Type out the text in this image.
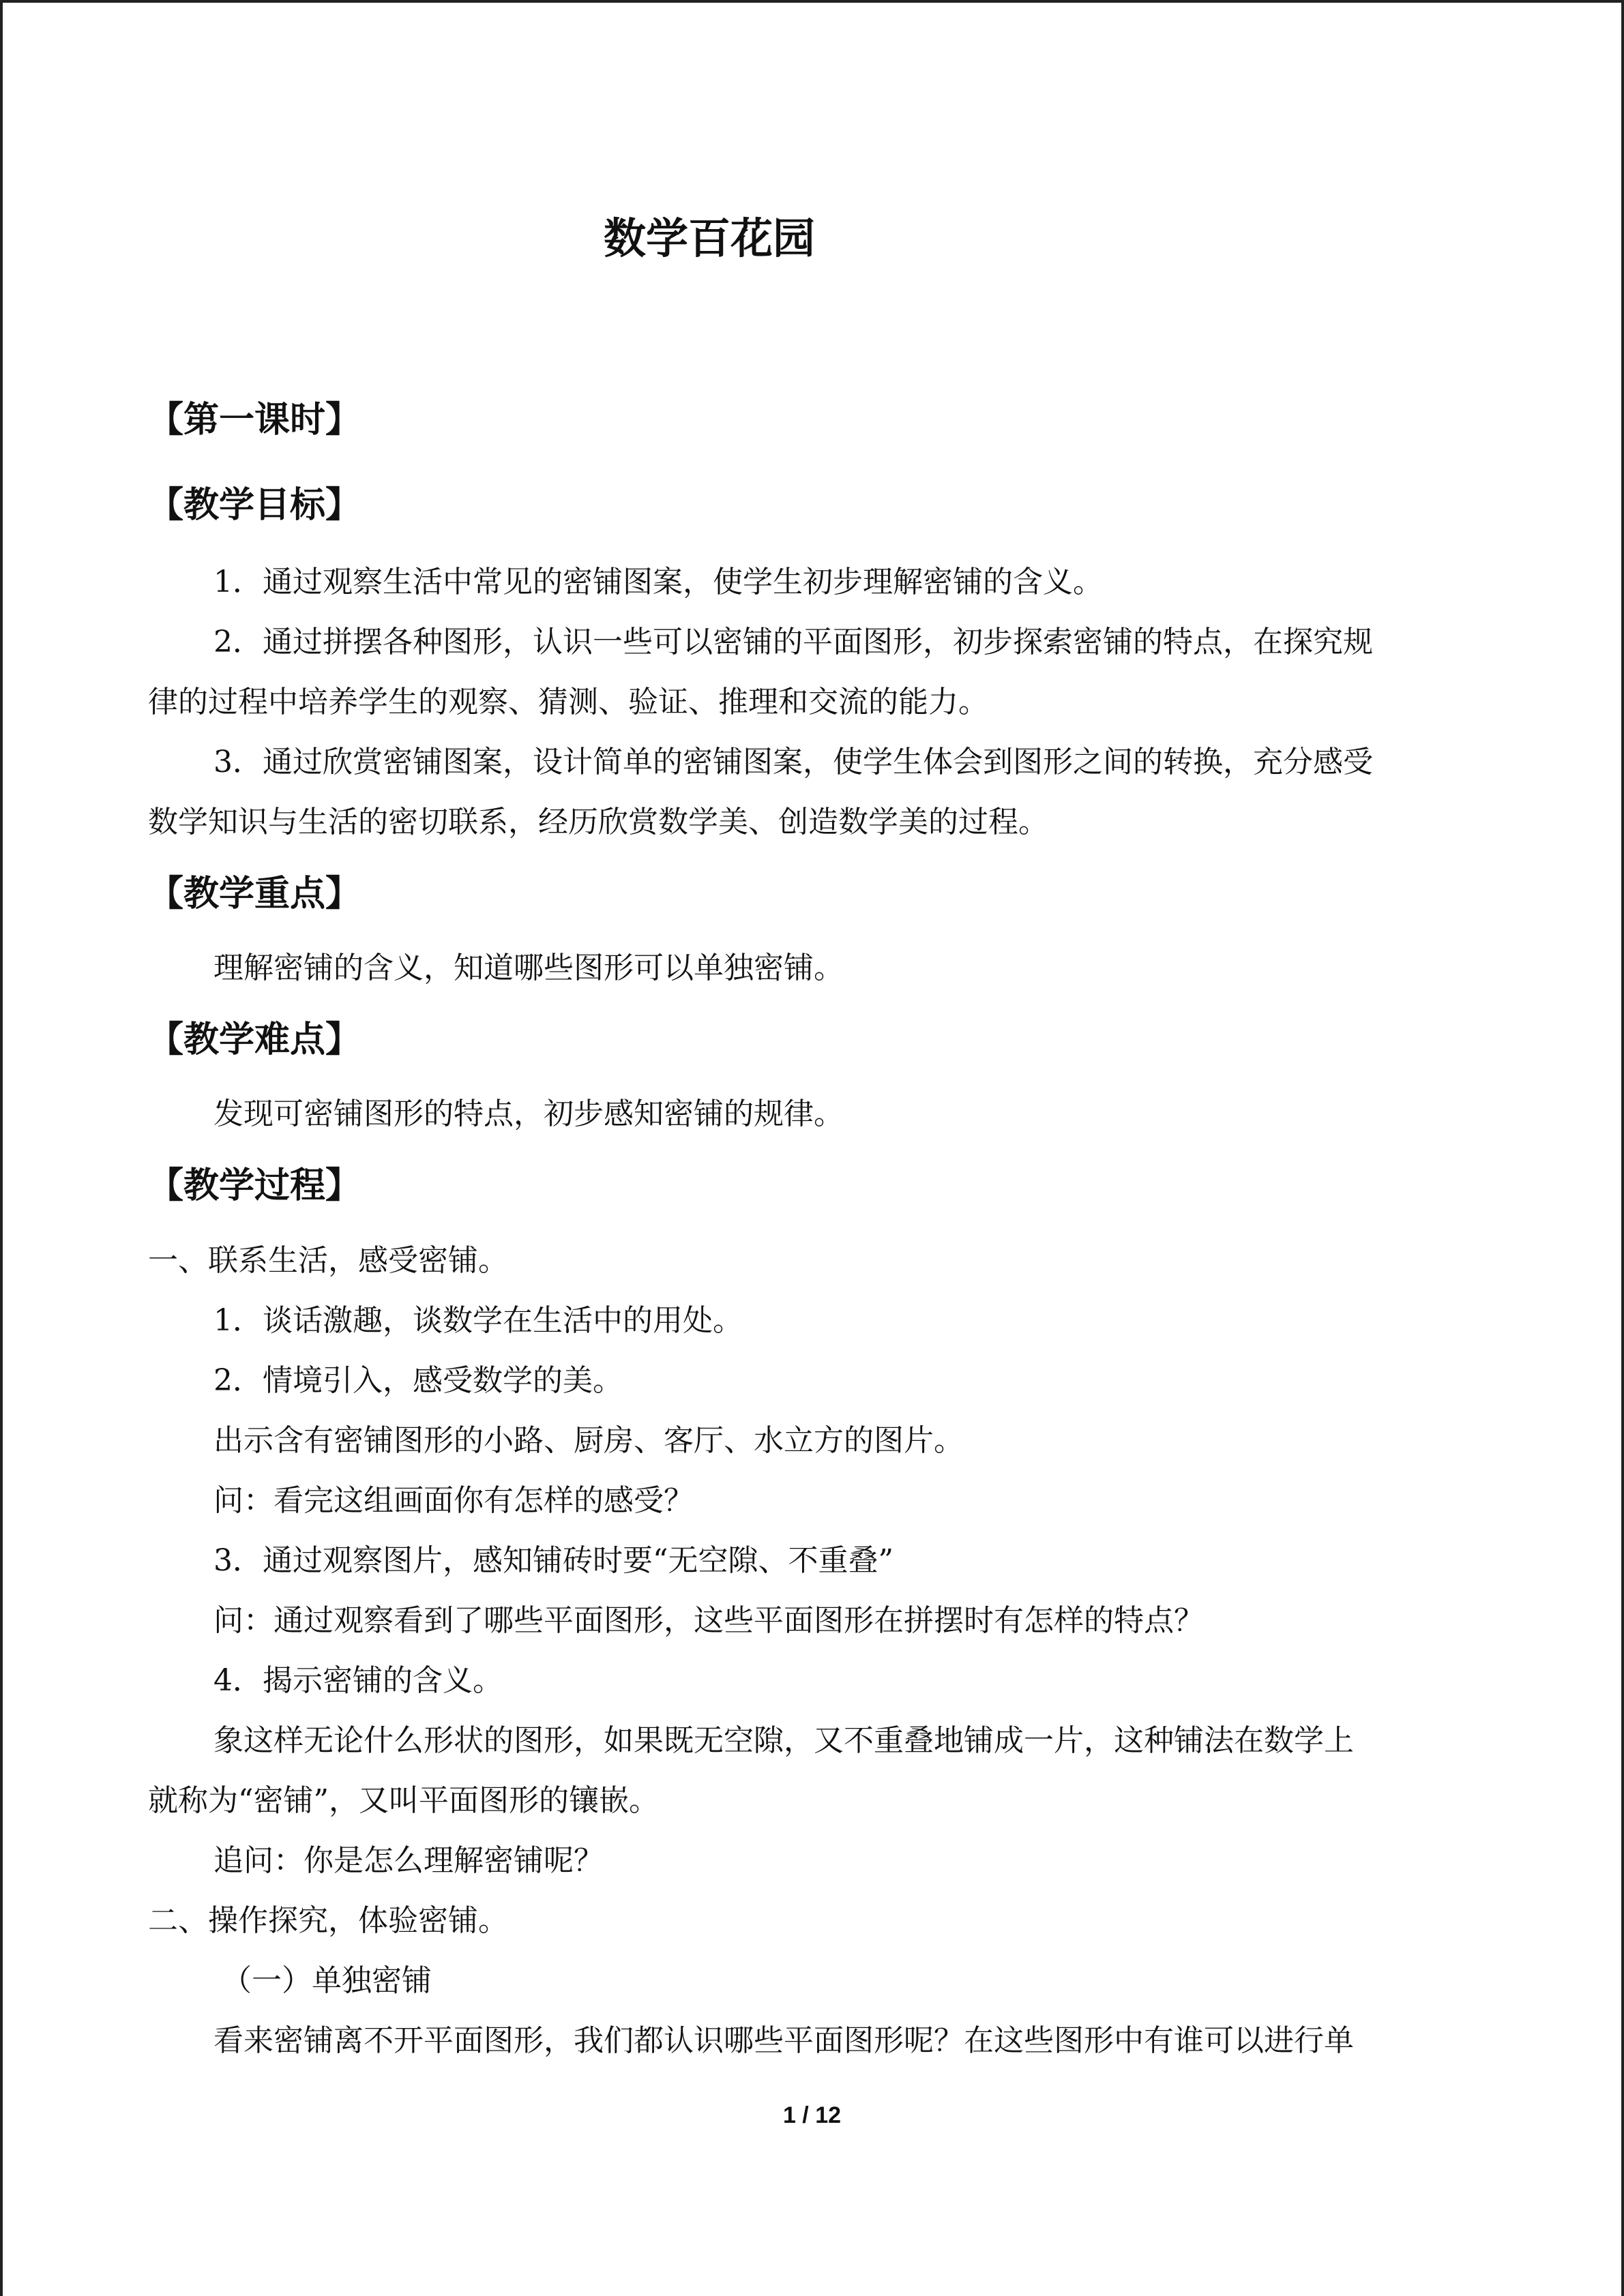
数学百花园
【第一课时】
【教学目标】
1．通过观察生活中常见的密铺图案，使学生初步理解密铺的含义。
2．通过拼摆各种图形，认识一些可以密铺的平面图形，初步探索密铺的特点，在探究规
律的过程中培养学生的观察、猜测、验证、推理和交流的能力。
3．通过欣赏密铺图案，设计简单的密铺图案，使学生体会到图形之间的转换，充分感受
数学知识与生活的密切联系，经历欣赏数学美、创造数学美的过程。
【教学重点】
理解密铺的含义，知道哪些图形可以单独密铺。
【教学难点】
发现可密铺图形的特点，初步感知密铺的规律。
【教学过程】
一、联系生活，感受密铺。
1．谈话激趣，谈数学在生活中的用处。
2．情境引入，感受数学的美。
出示含有密铺图形的小路、厨房、客厅、水立方的图片。
问：看完这组画面你有怎样的感受？
3．通过观察图片，感知铺砖时要“无空隙、不重叠”
问：通过观察看到了哪些平面图形，这些平面图形在拼摆时有怎样的特点？
4．揭示密铺的含义。
象这样无论什么形状的图形，如果既无空隙，又不重叠地铺成一片，这种铺法在数学上
就称为“密铺”，又叫平面图形的镶嵌。
追问：你是怎么理解密铺呢？
二、操作探究，体验密铺。
（一）单独密铺
看来密铺离不开平面图形，我们都认识哪些平面图形呢？在这些图形中有谁可以进行单
1 / 12
